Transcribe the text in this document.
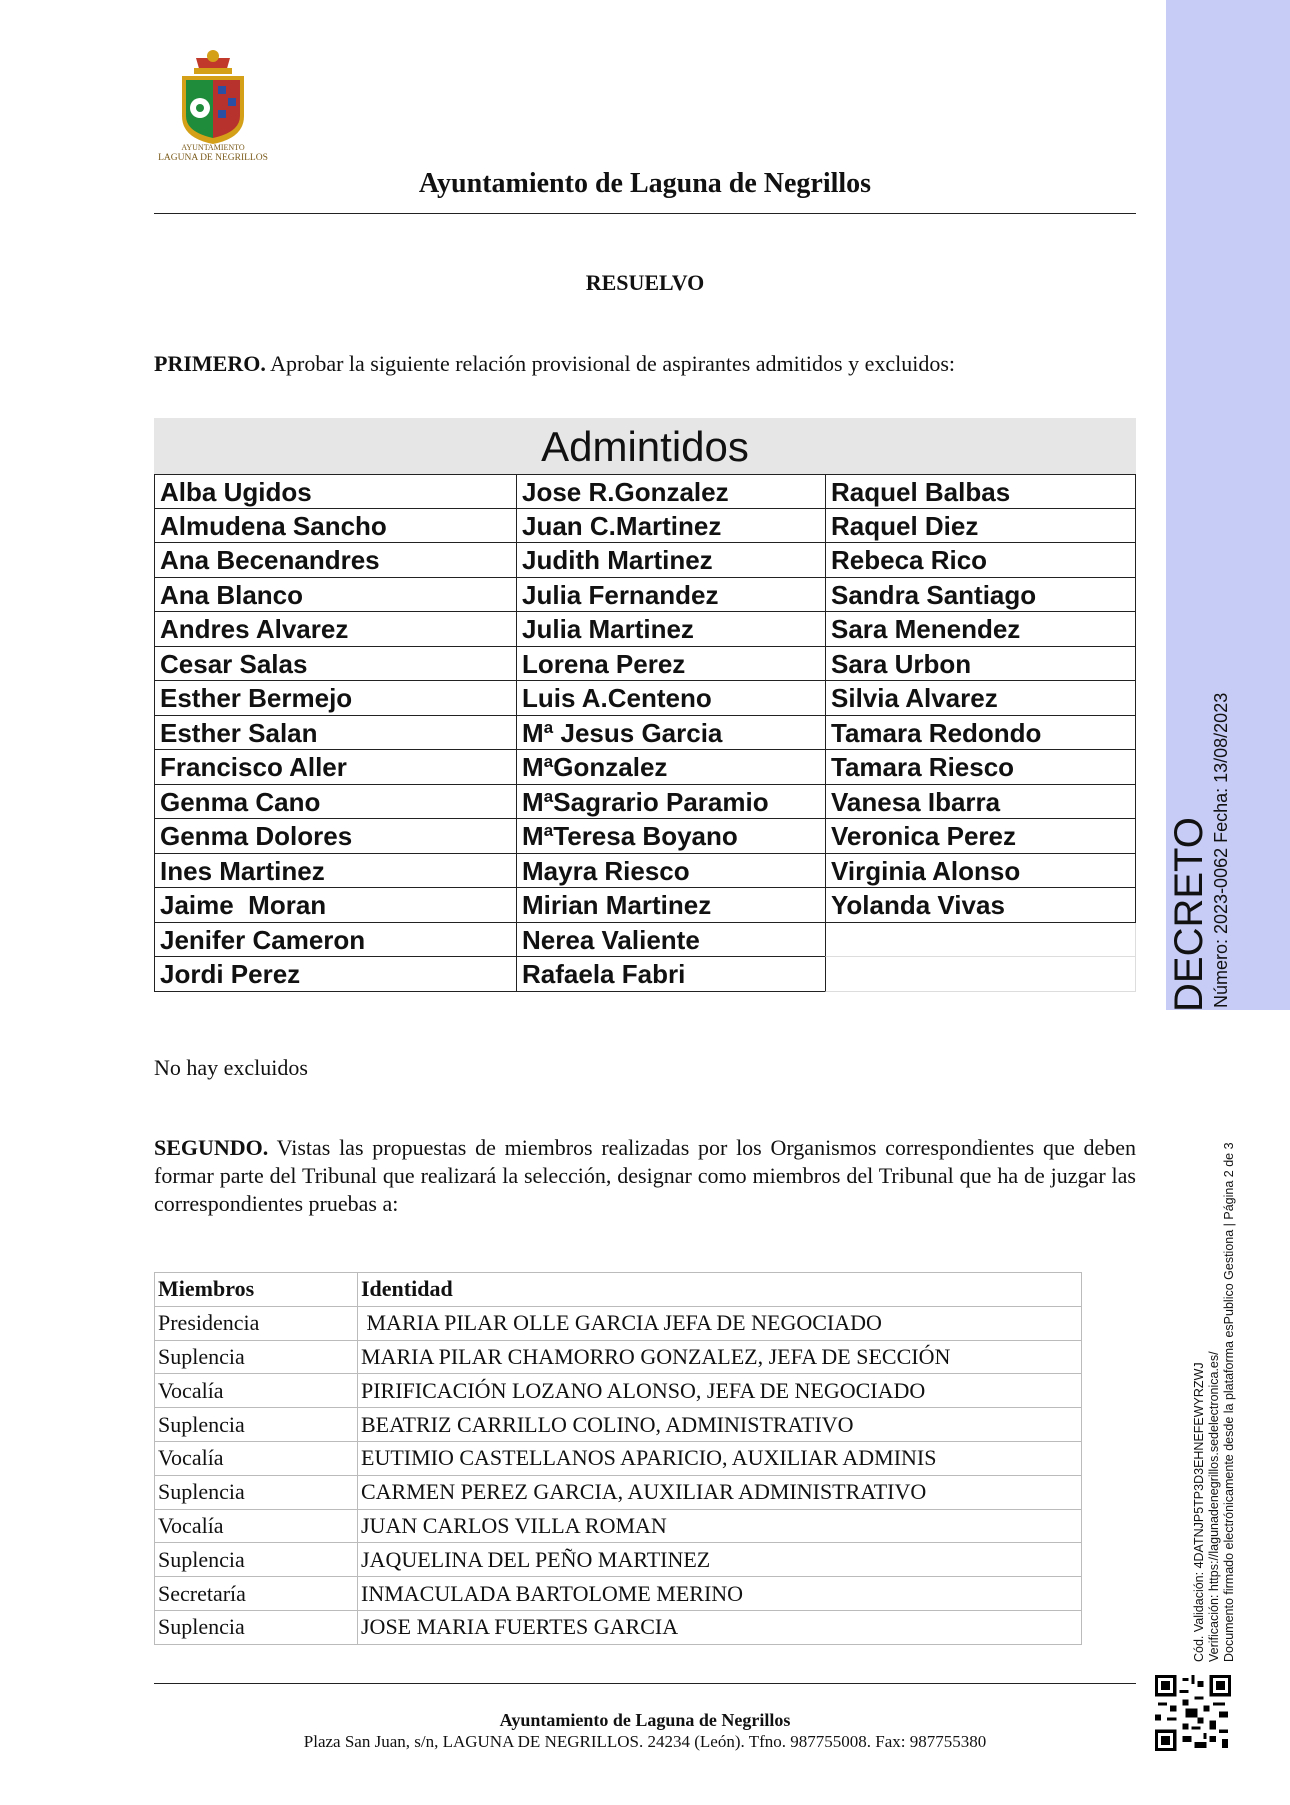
AYUNTAMIENTO
LAGUNA DE NEGRILLOS
Ayuntamiento de Laguna de Negrillos
RESUELVO
PRIMERO. Aprobar la siguiente relación provisional de aspirantes admitidos y excluidos:
Admintidos
Alba Ugidos	Jose R.Gonzalez	Raquel Balbas
Almudena Sancho	Juan C.Martinez	Raquel Diez
Ana Becenandres	Judith Martinez	Rebeca Rico
Ana Blanco	Julia Fernandez	Sandra Santiago
Andres Alvarez	Julia Martinez	Sara Menendez
Cesar Salas	Lorena Perez	Sara Urbon
Esther Bermejo	Luis A.Centeno	Silvia Alvarez
Esther Salan	Mª Jesus Garcia	Tamara Redondo
Francisco Aller	MªGonzalez	Tamara Riesco
Genma Cano	MªSagrario Paramio	Vanesa Ibarra
Genma Dolores	MªTeresa Boyano	Veronica Perez
Ines Martinez	Mayra Riesco	Virginia Alonso
Jaime  Moran	Mirian Martinez	Yolanda Vivas
Jenifer Cameron	Nerea Valiente
Jordi Perez	Rafaela Fabri
No hay excluidos
SEGUNDO. Vistas las propuestas de miembros realizadas por los Organismos correspondientes que deben formar parte del Tribunal que realizará la selección, designar como miembros del Tribunal que ha de juzgar las correspondientes pruebas a:
Miembros	Identidad
Presidencia	MARIA PILAR OLLE GARCIA JEFA DE NEGOCIADO
Suplencia	MARIA PILAR CHAMORRO GONZALEZ, JEFA DE SECCIÓN
Vocalía	PIRIFICACIÓN LOZANO ALONSO, JEFA DE NEGOCIADO
Suplencia	BEATRIZ CARRILLO COLINO, ADMINISTRATIVO
Vocalía	EUTIMIO CASTELLANOS APARICIO, AUXILIAR ADMINIS
Suplencia	CARMEN PEREZ GARCIA, AUXILIAR ADMINISTRATIVO
Vocalía	JUAN CARLOS VILLA ROMAN
Suplencia	JAQUELINA DEL PEÑO MARTINEZ
Secretaría	INMACULADA BARTOLOME MERINO
Suplencia	JOSE MARIA FUERTES GARCIA
Ayuntamiento de Laguna de Negrillos
Plaza San Juan, s/n, LAGUNA DE NEGRILLOS. 24234 (León). Tfno. 987755008. Fax: 987755380
DECRETO Número: 2023-0062 Fecha: 13/08/2023
Cód. Validación: 4DATNJP5TP3D3EHNEFEWYRZWJ Verificación: https://lagunadenegrillos.sedelectronica.es/ Documento firmado electrónicamente desde la plataforma esPublico Gestiona | Página 2 de 3
